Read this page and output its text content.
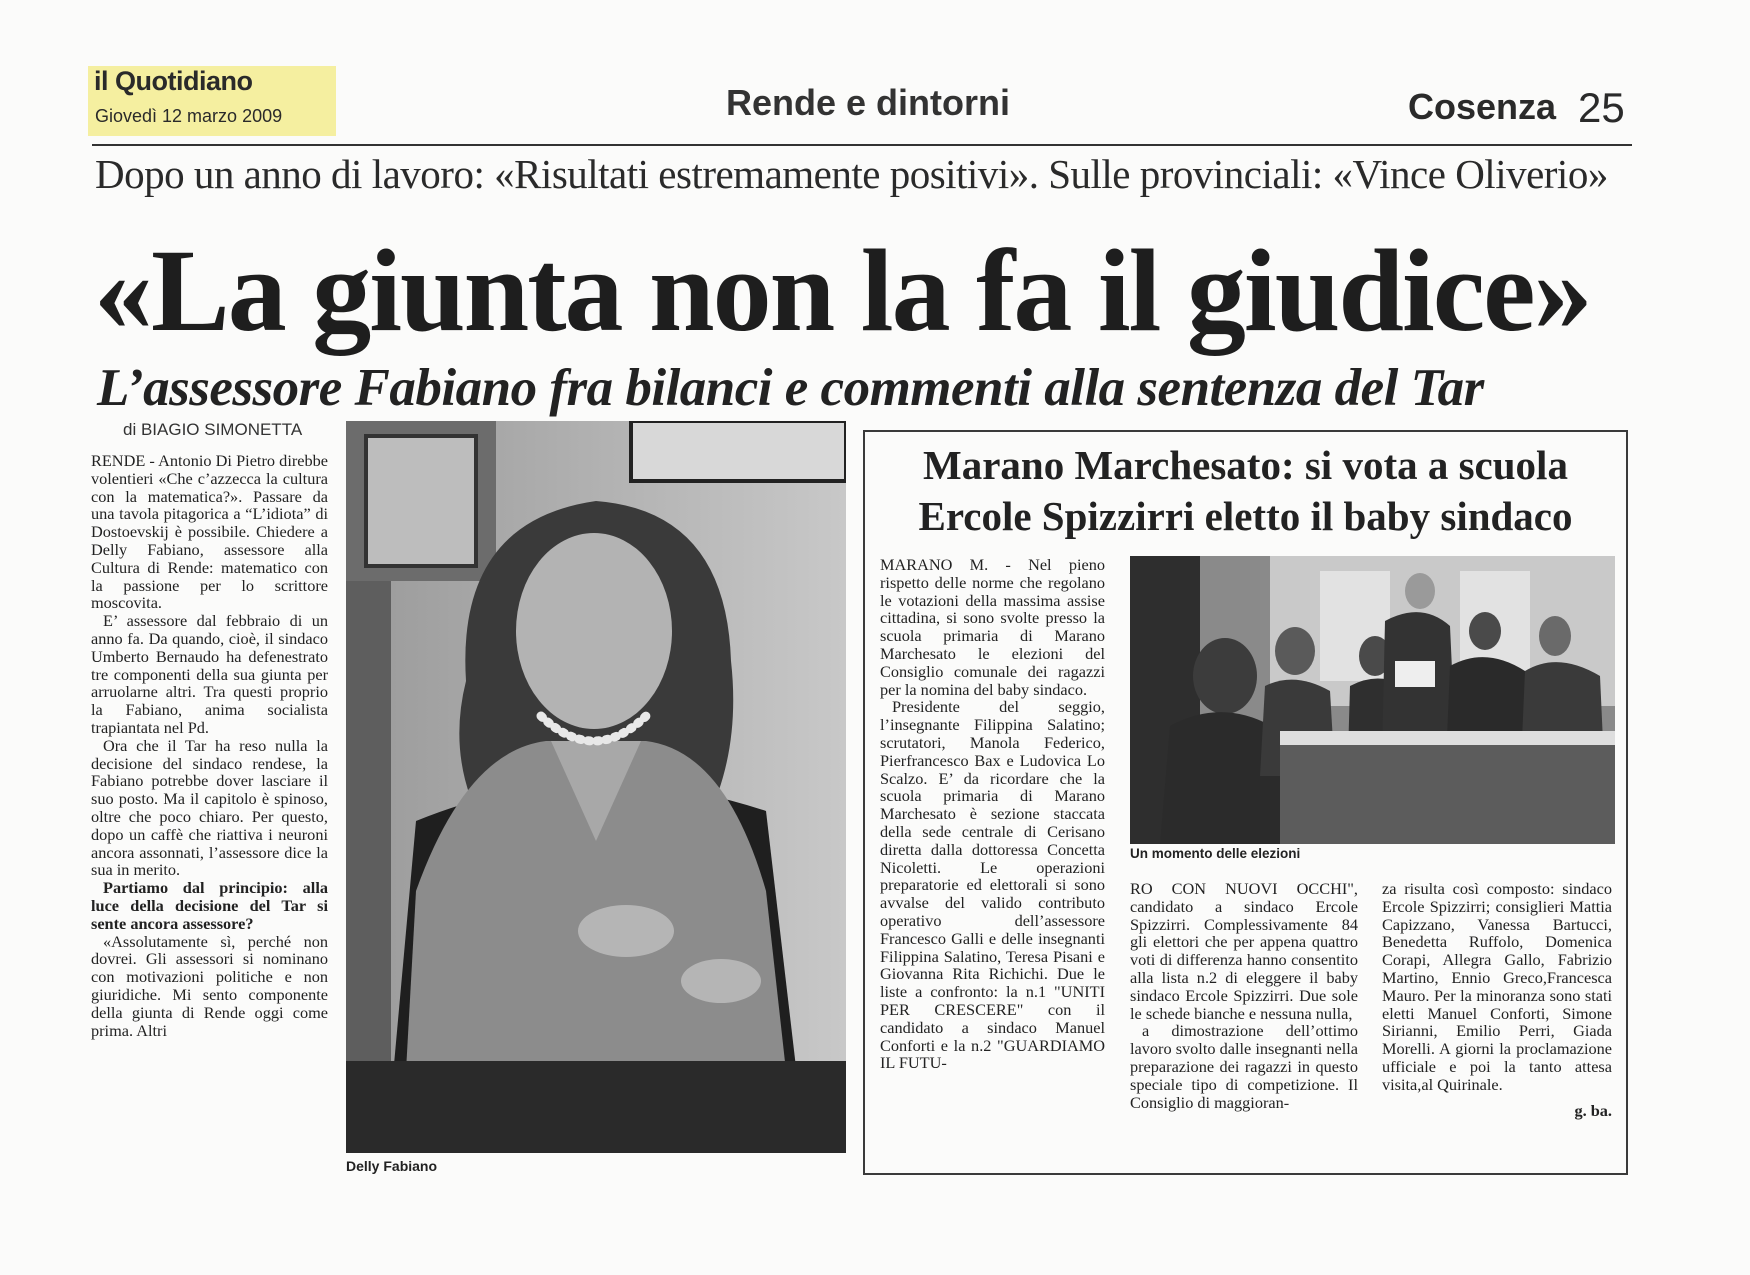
il Quotidiano
Giovedì 12 marzo 2009	Rende e dintorni	Cosenza 25
Dopo un anno di lavoro: «Risultati estremamente positivi». Sulle provinciali: «Vince Oliverio»
«La giunta non la fa il giudice»
L’assessore Fabiano fra bilanci e commenti alla sentenza del Tar
di BIAGIO SIMONETTA

RENDE - Antonio Di Pietro direbbe volentieri «Che c’azzecca la cultura con la matematica?». Passare da una tavola pitagorica a “L’idiota” di Dostoevskij è possibile. Chiedere a Delly Fabiano, assessore alla Cultura di Rende: matematico con la passione per lo scrittore moscovita.

E’ assessore dal febbraio di un anno fa. Da quando, cioè, il sindaco Umberto Bernaudo ha defenestrato tre componenti della sua giunta per arruolarne altri. Tra questi proprio la Fabiano, anima socialista trapiantata nel Pd.

Ora che il Tar ha reso nulla la decisione del sindaco rendese, la Fabiano potrebbe dover lasciare il suo posto. Ma il capitolo è spinoso, oltre che poco chiaro. Per questo, dopo un caffè che riattiva i neuroni ancora assonnati, l’assessore dice la sua in merito.

Partiamo dal principio: alla luce della decisione del Tar si sente ancora assessore?

«Assolutamente sì, perché non dovrei. Gli assessori si nominano con motivazioni politiche e non giuridiche. Mi sento componente della giunta di Rende oggi come prima. Altri

Delly Fabiano
Marano Marchesato: si vota a scuola
Ercole Spizzirri eletto il baby sindaco

MARANO M. - Nel pieno rispetto delle norme che regolano le votazioni della massima assise cittadina, si sono svolte presso la scuola primaria di Marano Marchesato le elezioni del Consiglio comunale dei ragazzi per la nomina del baby sindaco.

Presidente del seggio, l’insegnante Filippina Salatino; scrutatori, Manola Federico, Pierfrancesco Bax e Ludovica Lo Scalzo. E’ da ricordare che la scuola primaria di Marano Marchesato è sezione staccata della sede centrale di Cerisano diretta dalla dottoressa Concetta Nicoletti. Le operazioni preparatorie ed elettorali si sono avvalse del valido contributo operativo dell’assessore Francesco Galli e delle insegnanti Filippina Salatino, Teresa Pisani e Giovanna Rita Richichi. Due le liste a confronto: la n.1 "UNITI PER CRESCERE" con il candidato a sindaco Manuel Conforti e la n.2 "GUARDIAMO IL FUTU-

Un momento delle elezioni

RO CON NUOVI OCCHI", candidato a sindaco Ercole Spizzirri. Complessivamente 84 gli elettori che per appena quattro voti di differenza hanno consentito alla lista n.2 di eleggere il baby sindaco Ercole Spizzirri. Due sole le schede bianche e nessuna nulla,

a dimostrazione dell’ottimo lavoro svolto dalle insegnanti nella preparazione dei ragazzi in questo speciale tipo di competizione. Il Consiglio di maggioran-

za risulta così composto: sindaco Ercole Spizzirri; consiglieri Mattia Capizzano, Vanessa Bartucci, Benedetta Ruffolo, Domenica Corapi, Allegra Gallo, Fabrizio Martino, Ennio Greco,Francesca Mauro. Per la minoranza sono stati eletti Manuel Conforti, Simone Sirianni, Emilio Perri, Giada Morelli. A giorni la proclamazione ufficiale e poi la tanto attesa visita,al Quirinale.

g. ba.
